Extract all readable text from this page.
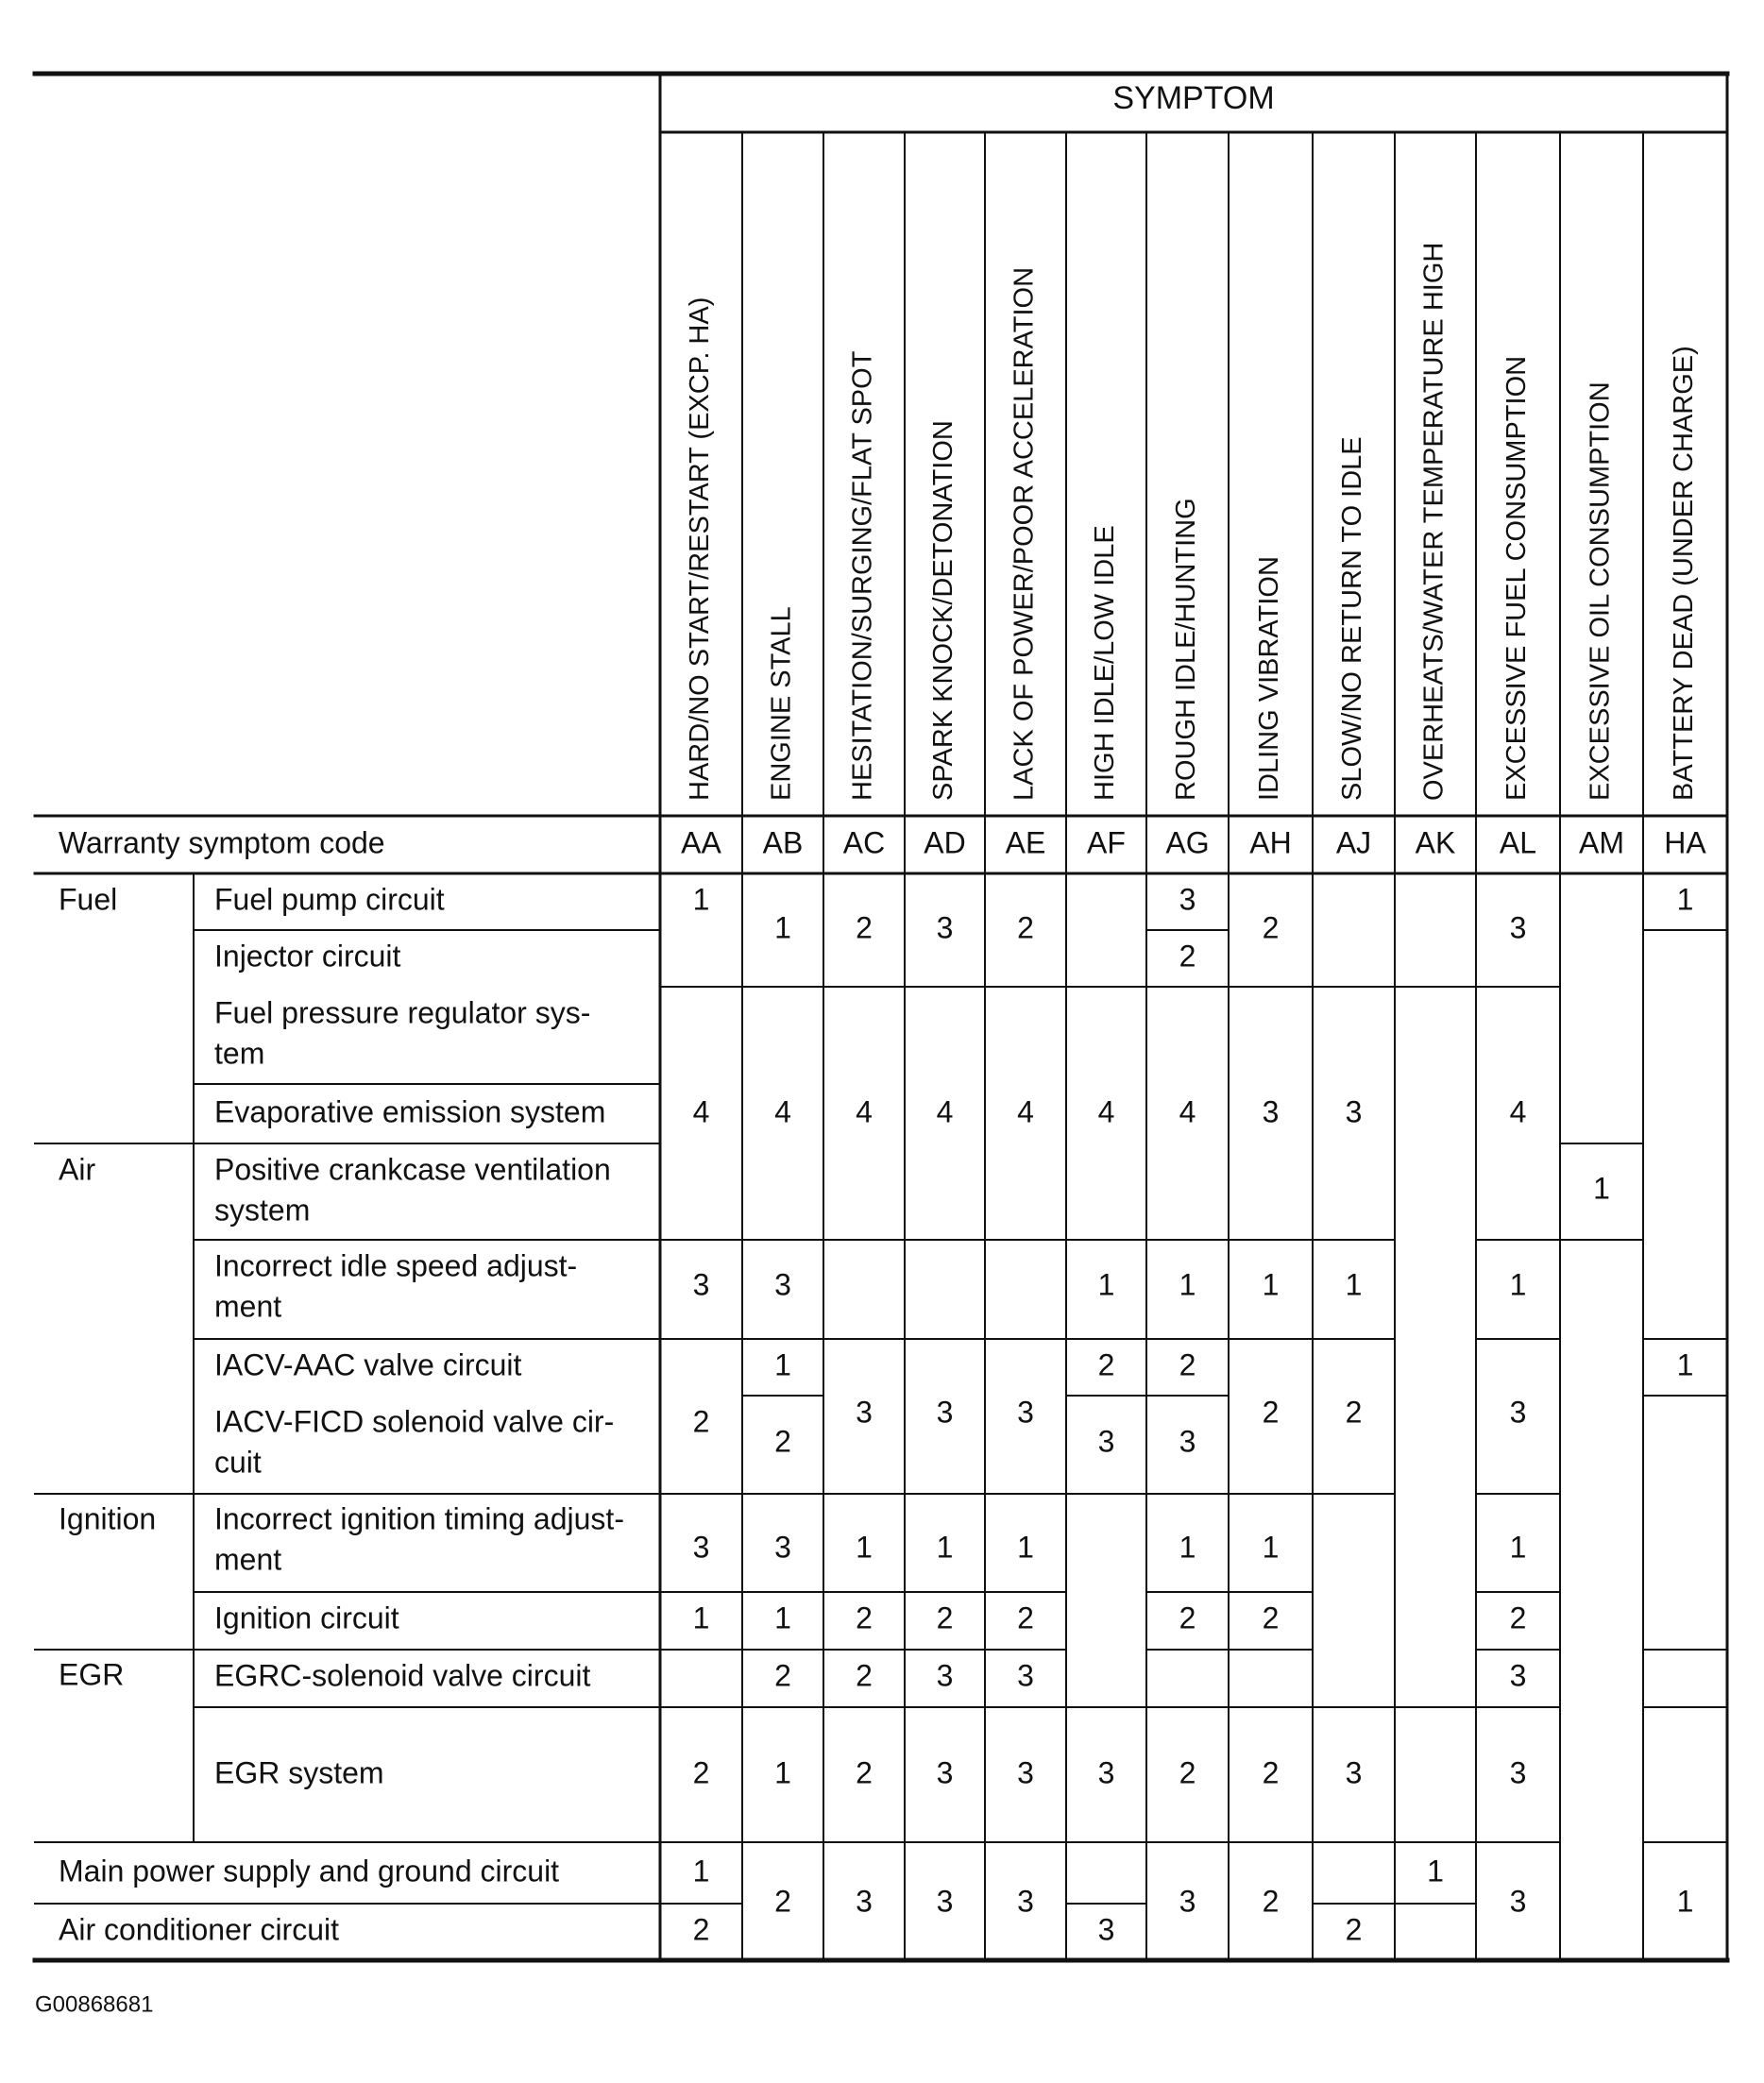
SYMPTOM
HARD/NO START/RESTART (EXCP. HA)
AA
ENGINE STALL
AB
HESITATION/SURGING/FLAT SPOT
AC
SPARK KNOCK/DETONATION
AD
LACK OF POWER/POOR ACCELERATION
AE
HIGH IDLE/LOW IDLE
AF
ROUGH IDLE/HUNTING
AG
IDLING VIBRATION
AH
SLOW/NO RETURN TO IDLE
AJ
OVERHEATS/WATER TEMPERATURE HIGH
AK
EXCESSIVE FUEL CONSUMPTION
AL
EXCESSIVE OIL CONSUMPTION
AM
BATTERY DEAD (UNDER CHARGE)
HA
Warranty symptom code
Fuel
Air
Ignition
EGR
Fuel pump circuit
Injector circuit
Fuel pressure regulator sys-
tem
Evaporative emission system
Positive crankcase ventilation
system
Incorrect idle speed adjust-
ment
IACV-AAC valve circuit
IACV-FICD solenoid valve cir-
cuit
Incorrect ignition timing adjust-
ment
Ignition circuit
EGRC-solenoid valve circuit
EGR system
Main power supply and ground circuit
Air conditioner circuit
G00868681
1
4
3
2
3
1
2
1
2
1
4
3
1
2
3
1
2
1
2
2
4
3
1
2
2
2
3
3
4
3
1
2
3
3
3
2
4
3
1
2
3
3
3
4
1
2
3
3
3
3
2
4
1
2
3
1
2
2
3
2
3
1
2
1
2
2
2
3
1
2
3
2
1
3
4
1
3
1
2
3
3
3
1
1
1
1
